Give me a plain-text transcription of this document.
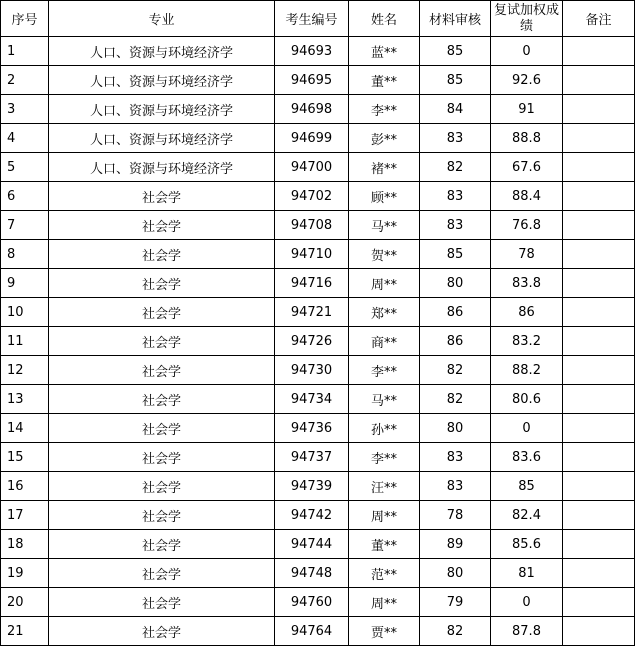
序号	专业	考生编号	姓名	材料审核	复试加权成绩	备注
1	人口、资源与环境经济学	94693	蓝**	85	0	
2	人口、资源与环境经济学	94695	董**	85	92.6	
3	人口、资源与环境经济学	94698	李**	84	91	
4	人口、资源与环境经济学	94699	彭**	83	88.8	
5	人口、资源与环境经济学	94700	褚**	82	67.6	
6	社会学	94702	顾**	83	88.4	
7	社会学	94708	马**	83	76.8	
8	社会学	94710	贺**	85	78	
9	社会学	94716	周**	80	83.8	
10	社会学	94721	郑**	86	86	
11	社会学	94726	商**	86	83.2	
12	社会学	94730	李**	82	88.2	
13	社会学	94734	马**	82	80.6	
14	社会学	94736	孙**	80	0	
15	社会学	94737	李**	83	83.6	
16	社会学	94739	汪**	83	85	
17	社会学	94742	周**	78	82.4	
18	社会学	94744	董**	89	85.6	
19	社会学	94748	范**	80	81	
20	社会学	94760	周**	79	0	
21	社会学	94764	贾**	82	87.8	
